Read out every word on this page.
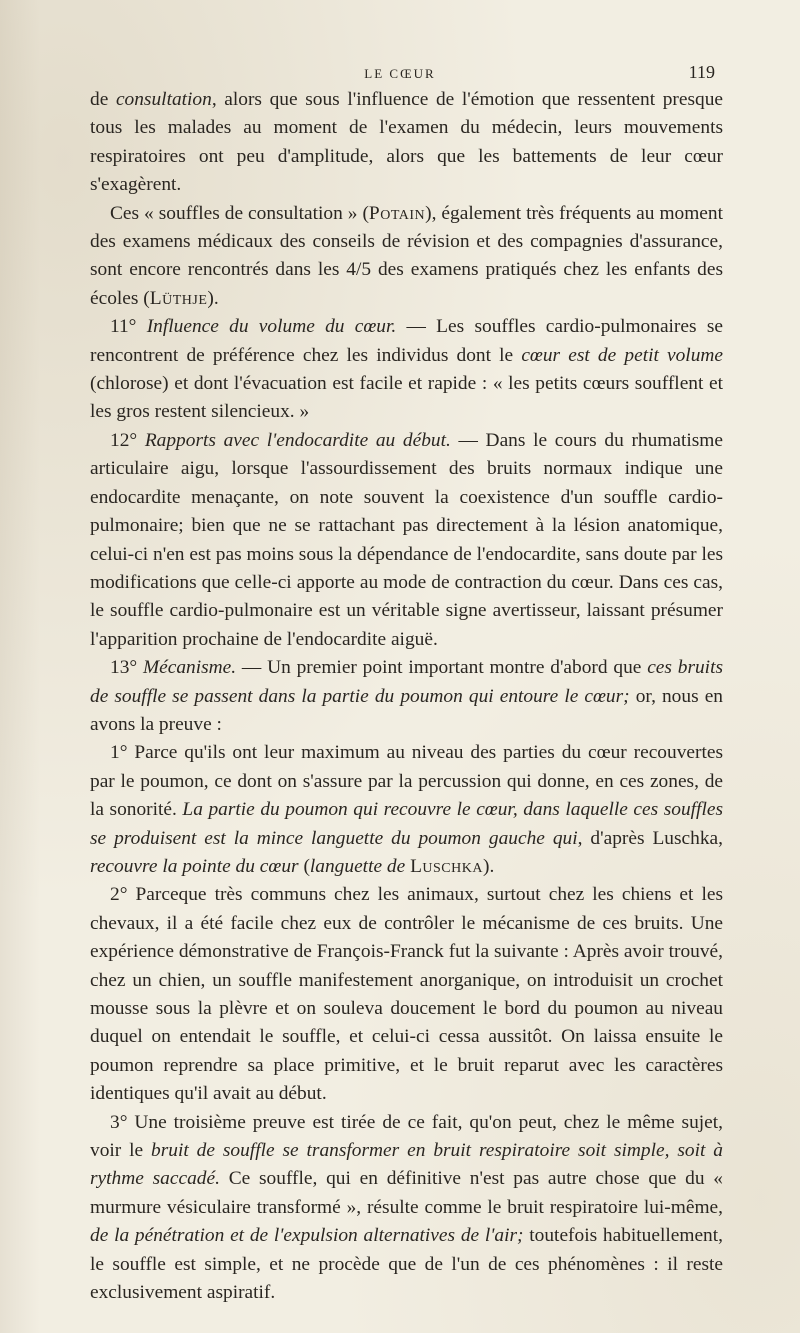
LE CŒUR	119

de consultation, alors que sous l'influence de l'émotion que ressentent presque tous les malades au moment de l'examen du médecin, leurs mouvements respiratoires ont peu d'amplitude, alors que les battements de leur cœur s'exagèrent.

Ces « souffles de consultation » (Potain), également très fréquents au moment des examens médicaux des conseils de révision et des compagnies d'assurance, sont encore rencontrés dans les 4/5 des examens pratiqués chez les enfants des écoles (Lüthje).

11° Influence du volume du cœur. — Les souffles cardio-pulmonaires se rencontrent de préférence chez les individus dont le cœur est de petit volume (chlorose) et dont l'évacuation est facile et rapide : « les petits cœurs soufflent et les gros restent silencieux. »

12° Rapports avec l'endocardite au début. — Dans le cours du rhumatisme articulaire aigu, lorsque l'assourdissement des bruits normaux indique une endocardite menaçante, on note souvent la coexistence d'un souffle cardio-pulmonaire; bien que ne se rattachant pas directement à la lésion anatomique, celui-ci n'en est pas moins sous la dépendance de l'endocardite, sans doute par les modifications que celle-ci apporte au mode de contraction du cœur. Dans ces cas, le souffle cardio-pulmonaire est un véritable signe avertisseur, laissant présumer l'apparition prochaine de l'endocardite aiguë.

13° Mécanisme. — Un premier point important montre d'abord que ces bruits de souffle se passent dans la partie du poumon qui entoure le cœur; or, nous en avons la preuve :

1° Parce qu'ils ont leur maximum au niveau des parties du cœur recouvertes par le poumon, ce dont on s'assure par la percussion qui donne, en ces zones, de la sonorité. La partie du poumon qui recouvre le cœur, dans laquelle ces souffles se produisent est la mince languette du poumon gauche qui, d'après Luschka, recouvre la pointe du cœur (languette de Luschka).

2° Parceque très communs chez les animaux, surtout chez les chiens et les chevaux, il a été facile chez eux de contrôler le mécanisme de ces bruits. Une expérience démonstrative de François-Franck fut la suivante : Après avoir trouvé, chez un chien, un souffle manifestement anorganique, on introduisit un crochet mousse sous la plèvre et on souleva doucement le bord du poumon au niveau duquel on entendait le souffle, et celui-ci cessa aussitôt. On laissa ensuite le poumon reprendre sa place primitive, et le bruit reparut avec les caractères identiques qu'il avait au début.

3° Une troisième preuve est tirée de ce fait, qu'on peut, chez le même sujet, voir le bruit de souffle se transformer en bruit respiratoire soit simple, soit à rythme saccadé. Ce souffle, qui en définitive n'est pas autre chose que du « murmure vésiculaire transformé », résulte comme le bruit respiratoire lui-même, de la pénétration et de l'expulsion alternatives de l'air; toutefois habituellement, le souffle est simple, et ne procède que de l'un de ces phénomènes : il reste exclusivement aspiratif.
